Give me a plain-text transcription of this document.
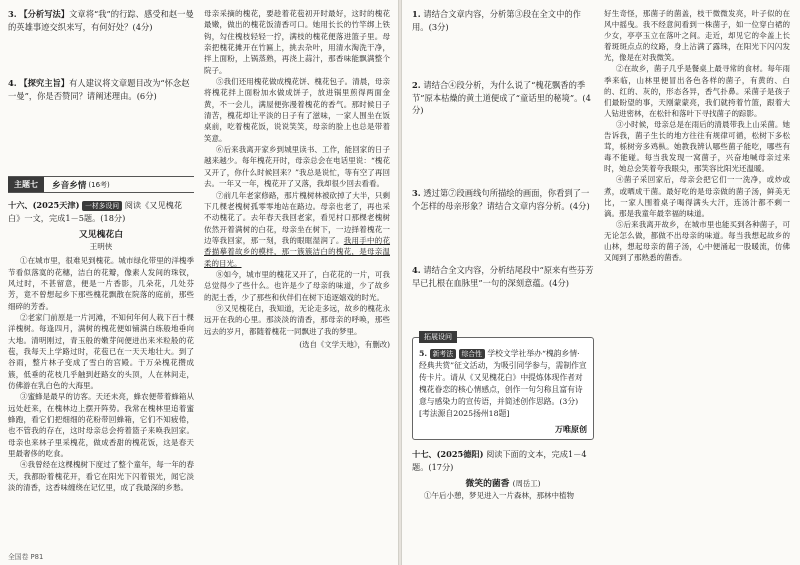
3. 【分析写法】文章将“我”的行踪、感受和赵一曼的英雄事迹交织来写，有何好处？(4分)

4. 【探究主旨】有人建议将文章题目改为“怀念赵一曼”，你是否赞同？请阐述理由。(6分)

主题七	乡音乡情 (16考)

十六、(2025天津) 一材多设问 阅读《又见槐花白》一文，完成1－5题。(18分)

又见槐花白

王明侠

①在城市里，很难见到槐花。城市绿化带里的洋槐季节看似落寞的花穗，洁白的花瓣，像素人发间的珠钗，风过时，不甚留意，便是一片香影，几朵花，几处芬芳，竟不曾想起乡下那些槐花飘散在院落的庭前，那些细碎的芳香。

②老家门前原是一片河滩，不知何年何人栽下百十棵洋槐树。每逢四月，满树的槐花便如铺满白练般地垂向大地。清明刚过，青玉般的嫩芽间便迸出来米粒般的花苞，我每天上学路过时，花苞已在一天天地壮大。到了谷雨，整片林子变成了雪白的宫殿。于万朵槐花攒成簇，低垂的花枝几乎触到赶路女的头顶，人在林间走，仿佛游在乳白色的大海里。

③蜜蜂是最早的访客。天还未亮，蜂农便带着蜂箱从远处赶来，在槐林边上摆开阵势。我常在槐林里追着蜜蜂跑，看它们把细细的花粉带回蜂箱，它们不知疲倦，也不管我的存在，这时母亲总会挎着篮子来唤我回家。母亲也来林子里采槐花，做成香甜的槐花饭，这是春天里最奢侈的吃食。

④我曾经在这棵槐树下度过了整个童年，每一年的春天，我都盼着槐花开，看它在阳光下闪着银光，闻它淡淡的清香，这香味缠绕在记忆里，成了我最深的乡愁。

母亲采摘的槐花，要趁着花苞初开时最好，这时的槐花最嫩，做出的槐花饭清香可口。她用长长的竹竿绑上铁钩，勾住槐枝轻轻一拧，满枝的槐花便落进篮子里。母亲把槐花摊开在竹匾上，挑去杂叶，用清水淘洗干净，拌上面粉，上锅蒸熟，再浇上蒜汁，那香味能飘满整个院子。

⑤我们还用槐花做成槐花饼、槐花包子。清晨，母亲将槐花拌上面粉加水做成饼子，放进锅里煎得两面金黄，不一会儿，满屋便弥漫着槐花的香气。那时候日子清苦，槐花却让平淡的日子有了滋味，一家人围坐在饭桌前，吃着槐花饭，说说笑笑，母亲的脸上也总是带着笑意。

⑥后来我离开家乡到城里读书、工作，能回家的日子越来越少。每年槐花开时，母亲总会在电话里说：“槐花又开了，你什么时候回来？”我总是说忙，等有空了再回去。一年又一年，槐花开了又落，我却很少回去看看。

⑦前几年老家修路，那片槐树林被砍掉了大半，只剩下几棵老槐树孤零零地站在路边。母亲也老了，再也采不动槐花了。去年春天我回老家，看见村口那棵老槐树依然开着满树的白花，母亲坐在树下，一边择着槐花一边等我回家，那一刻，我的眼眶湿润了。我用手中的花香描摹着故乡的模样，那一簇簇洁白的槐花，是母亲温柔的目光。

⑧如今，城市里的槐花又开了，白花花的一片，可我总觉得少了些什么。也许是少了母亲的味道，少了故乡的泥土香，少了那些和伙伴们在树下追逐嬉戏的时光。

⑨又见槐花白，我知道，无论走多远，故乡的槐花永远开在我的心里。那淡淡的清香，那母亲的呼唤，那些远去的岁月，都随着槐花一同飘进了我的梦里。

(选自《文学天地》，有删改)

全国卷 P81

1. 请结合文章内容，分析第③段在全文中的作用。(3分)

2. 请结合④段分析，为什么说了“槐花飘香的季节”原本枯燥的黄土道便成了“童话里的秘境”。(4分)

3. 透过第⑦段画线句所描绘的画面，你看到了一个怎样的母亲形象？请结合文章内容分析。(4分)

4. 请结合全文内容，分析结尾段中“原来有些芬芳早已扎根在血脉里”一句的深刻意蕴。(4分)

拓展设问

5. 新考法 综合性 学校文学社举办“槐韵乡情·经典共赏”征文活动，为吸引同学参与，需制作宣传卡片。请从《又见槐花白》中提炼体现作者对槐花眷恋的核心情感点，创作一句匀称且富有诗意与感染力的宣传语，并简述创作思路。(3分)[考法源自2025扬州18题]

万唯原创

十七、(2025德阳) 阅读下面的文本，完成1－4题。(17分)

微笑的菌香 (周岳工)

①午后小憩，梦见进入一片森林，那林中植物

好生奇怪，那菌子的菌盖，枝干微微发亮，叶子似的在风中摇曳。我不经意间看到一株菌子，如一位穿白裙的少女，亭亭玉立在落叶之间。走近，却见它的伞盖上长着斑斑点点的纹路，身上沾满了露珠，在阳光下闪闪发光，像是在对我微笑。

②在故乡，菌子几乎是餐桌上最寻常的食材。每年雨季来临，山林里便冒出各色各样的菌子，有黄的、白的、红的、灰的，形态各异，香气扑鼻。采菌子是孩子们最盼望的事，天刚蒙蒙亮，我们就挎着竹篮，跟着大人钻进密林，在松针和落叶下寻找菌子的踪影。

③小时候，母亲总是在雨后的清晨带我上山采菌。她告诉我，菌子生长的地方往往有规律可循，松树下多松茸，栎树旁多鸡枞。她教我辨认哪些菌子能吃，哪些有毒不能碰。每当我发现一窝菌子，兴奋地喊母亲过来时，她总会笑着夸我眼尖，那笑容比阳光还温暖。

④菌子采回家后，母亲会把它们一一洗净，或炒或煮，或晒成干菌。最好吃的是母亲做的菌子汤，鲜美无比，一家人围着桌子喝得满头大汗，连汤汁都不剩一滴。那是我童年最幸福的味道。

⑤后来我离开故乡，在城市里也能买到各种菌子，可无论怎么做，都做不出母亲的味道。每当我想起故乡的山林，想起母亲的菌子汤，心中便涌起一股暖流，仿佛又闻到了那熟悉的菌香。
